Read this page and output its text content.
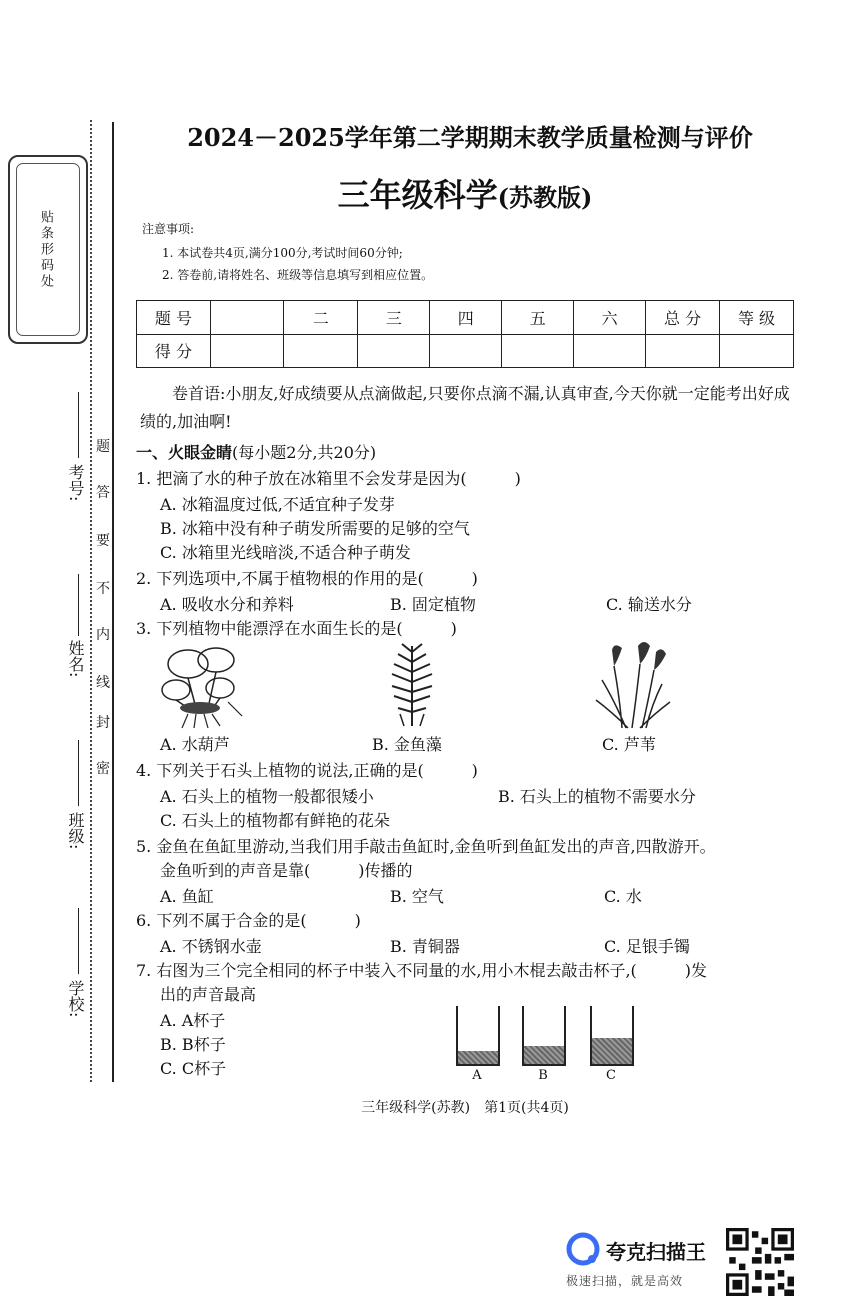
贴条形码处
题
答
要
不
内
线
封
密
考号:
姓名:
班级:
学校:
2024－2025学年第二学期期末教学质量检测与评价
三年级科学(苏教版)
注意事项:
1. 本试卷共4页,满分100分,考试时间60分钟;
2. 答卷前,请将姓名、班级等信息填写到相应位置。
题 号		二	三	四	五	六	总 分	等 级
得 分								
卷首语:小朋友,好成绩要从点滴做起,只要你点滴不漏,认真审查,今天你就一定能考出好成绩的,加油啊!
一、火眼金睛(每小题2分,共20分)
1. 把滴了水的种子放在冰箱里不会发芽是因为(　　　)
A. 冰箱温度过低,不适宜种子发芽
B. 冰箱中没有种子萌发所需要的足够的空气
C. 冰箱里光线暗淡,不适合种子萌发
2. 下列选项中,不属于植物根的作用的是(　　　)
A. 吸收水分和养料	B. 固定植物	C. 输送水分
3. 下列植物中能漂浮在水面生长的是(　　　)
A. 水葫芦	B. 金鱼藻	C. 芦苇
4. 下列关于石头上植物的说法,正确的是(　　　)
A. 石头上的植物一般都很矮小	B. 石头上的植物不需要水分
C. 石头上的植物都有鲜艳的花朵
5. 金鱼在鱼缸里游动,当我们用手敲击鱼缸时,金鱼听到鱼缸发出的声音,四散游开。
金鱼听到的声音是靠(　　　)传播的
A. 鱼缸	B. 空气	C. 水
6. 下列不属于合金的是(　　　)
A. 不锈钢水壶	B. 青铜器	C. 足银手镯
7. 右图为三个完全相同的杯子中装入不同量的水,用小木棍去敲击杯子,(　　　)发
出的声音最高
A. A杯子
B. B杯子
C. C杯子	A	B	C
三年级科学(苏教)　第1页(共4页)
夸克扫描王
极速扫描，就是高效
